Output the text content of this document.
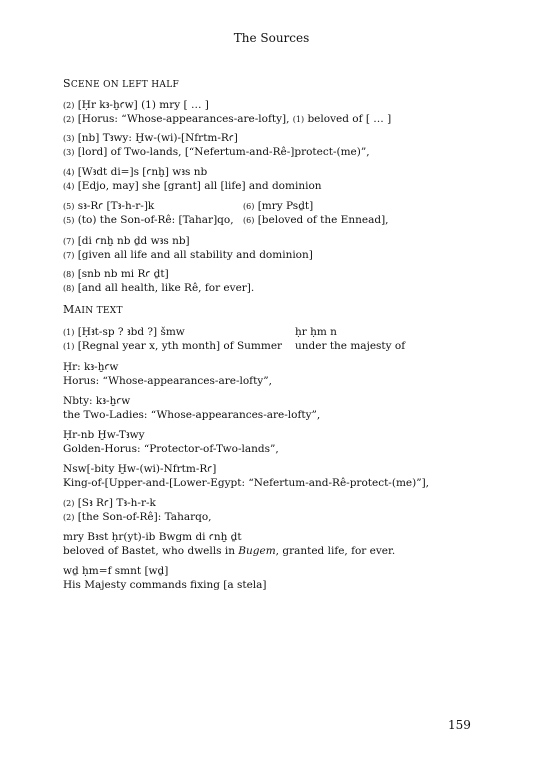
The Sources
SCENE ON LEFT HALF
(2) [Ḥr kꜣ-ḫꜥw] (1) mry [ … ]
(2) [Horus: “Whose-appearances-are-lofty], (1) beloved of [ … ]
(3) [nb] Tꜣwy: Ḫw-(wi)-[Nfrtm-Rꜥ]
(3) [lord] of Two-lands, [“Nefertum-and-Rê-]protect-(me)”,
(4) [Wꜣdt di=]s [ꜥnḫ] wꜣs nb
(4) [Edjo, may] she [grant] all [life] and dominion
(5) sꜣ-Rꜥ [Tꜣ-h-r-]k	(6) [mry Psḏt]
(5) (to) the Son-of-Rê: [Tahar]qo, (6) [beloved of the Ennead],
(7) [di ꜥnḫ nb ḏd wꜣs nb]
(7) [given all life and all stability and dominion]
(8) [snb nb mi Rꜥ ḏt]
(8) [and all health, like Rê, for ever].
MAIN TEXT
(1) [Ḥꜣt-sp ? ꜣbd ?] šmw	ḥr ḥm n
(1) [Regnal year x, yth month] of Summer under the majesty of
Ḥr: kꜣ-ḫꜥw
Horus: “Whose-appearances-are-lofty”,
Nbty: kꜣ-ḫꜥw
the Two-Ladies: “Whose-appearances-are-lofty”,
Ḥr-nb Ḫw-Tꜣwy
Golden-Horus: “Protector-of-Two-lands”,
Nsw[-bity Ḫw-(wi)-Nfrtm-Rꜥ]
King-of-[Upper-and-[Lower-Egypt: “Nefertum-and-Rê-protect-(me)”],
(2) [Sꜣ Rꜥ] Tꜣ-h-r-k
(2) [the Son-of-Rê]: Taharqo,
mry Bꜣst ḥr(yt)-ib Bwgm di ꜥnḫ ḏt
beloved of Bastet, who dwells in Bugem, granted life, for ever.
wḏ ḥm=f smnt [wḏ]
His Majesty commands fixing [a stela]
159
